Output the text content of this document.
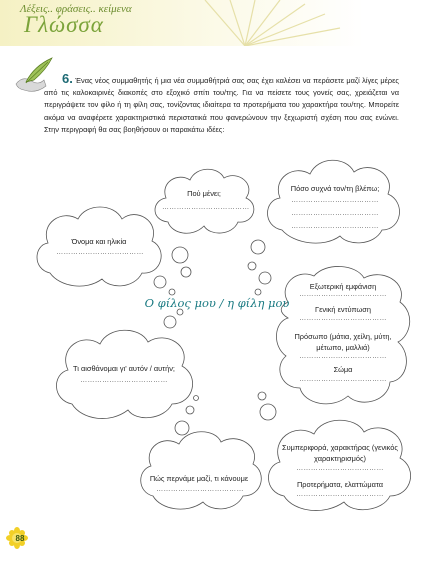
Λέξεις.. φράσεις.. κείμενα
Γλώσσα
6. Ένας νέος συμμαθητής ή μια νέα συμμαθήτριά σας σας έχει καλέσει να περάσετε μαζί λίγες μέρες από τις καλοκαιρινές διακοπές στο εξοχικό σπίτι του/της. Για να πείσετε τους γονείς σας, χρειάζεται να περιγράψετε τον φίλο ή τη φίλη σας, τονίζοντας ιδιαίτερα τα προτερήματα του χαρακτήρα του/της. Μπορείτε ακόμα να αναφέρετε χαρακτηριστικά περιστατικά που φανερώνουν την ξεχωριστή σχέση που σας ενώνει. Στην περιγραφή θα σας βοηθήσουν οι παρακάτω ιδέες:
Πού μένει;
………………………………
Πόσο συχνά τον/τη βλέπω;
………………………………
………………………………
………………………………
Όνομα και ηλικία
………………………………
Εξωτερική εμφάνιση
………………………………
Γενική εντύπωση
………………………………
Πρόσωπο (μάτια, χείλη, μύτη, μέτωπο, μαλλιά)
………………………………
Σώμα
………………………………
Τι αισθάνομαι γι' αυτόν / αυτήν;
………………………………
Συμπεριφορά, χαρακτήρας (γενικός χαρακτηρισμός)
………………………………
Προτερήματα, ελαττώματα
………………………………
Πώς περνάμε μαζί, τι κάνουμε
………………………………
Ο φίλος μου / η φίλη μου
88
